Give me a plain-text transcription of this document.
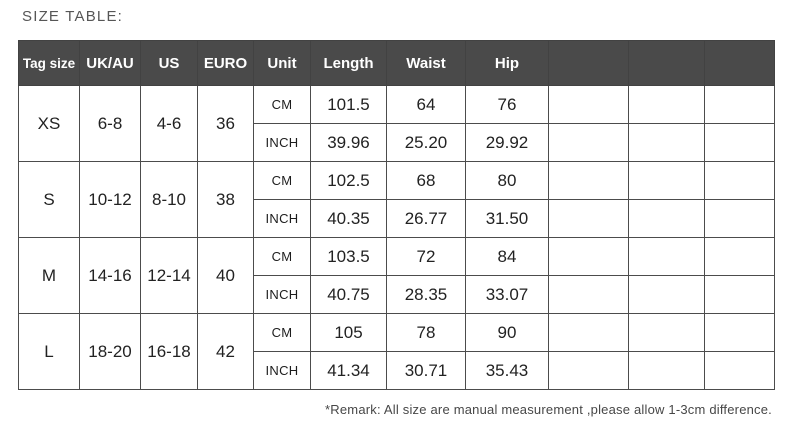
SIZE TABLE:
Tag size	UK/AU	US	EURO	Unit	Length	Waist	Hip			
XS	6-8	4-6	36	CM	101.5	64	76			
				INCH	39.96	25.20	29.92			
S	10-12	8-10	38	CM	102.5	68	80			
				INCH	40.35	26.77	31.50			
M	14-16	12-14	40	CM	103.5	72	84			
				INCH	40.75	28.35	33.07			
L	18-20	16-18	42	CM	105	78	90			
				INCH	41.34	30.71	35.43			
*Remark: All size are manual measurement ,please allow 1-3cm difference.
